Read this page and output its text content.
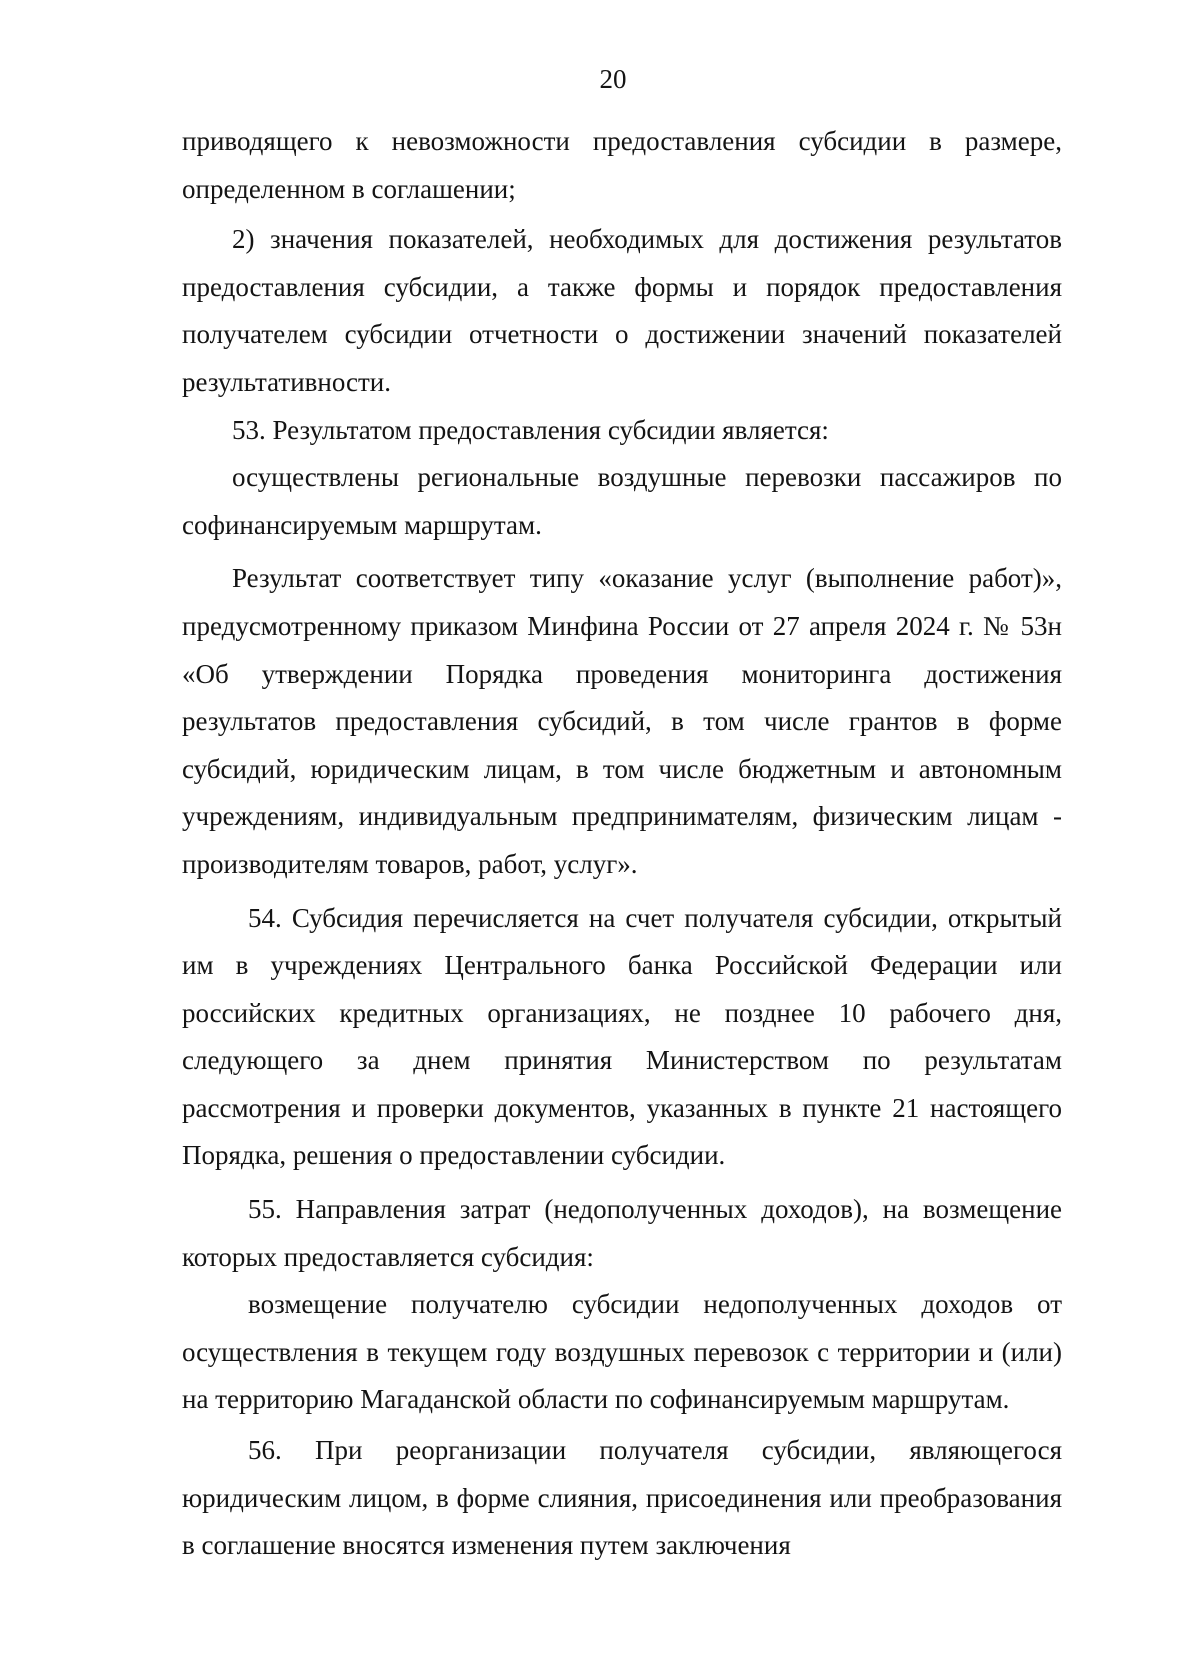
20

приводящего к невозможности предоставления субсидии в размере, определенном в соглашении;

2) значения показателей, необходимых для достижения результатов предоставления субсидии, а также формы и порядок предоставления получателем субсидии отчетности о достижении значений показателей результативности.

53. Результатом предоставления субсидии является:

осуществлены региональные воздушные перевозки пассажиров по софинансируемым маршрутам.

Результат соответствует типу «оказание услуг (выполнение работ)», предусмотренному приказом Минфина России от 27 апреля 2024 г. № 53н «Об утверждении Порядка проведения мониторинга достижения результатов предоставления субсидий, в том числе грантов в форме субсидий, юридическим лицам, в том числе бюджетным и автономным учреждениям, индивидуальным предпринимателям, физическим лицам - производителям товаров, работ, услуг».

54. Субсидия перечисляется на счет получателя субсидии, открытый им в учреждениях Центрального банка Российской Федерации или российских кредитных организациях, не позднее 10 рабочего дня, следующего за днем принятия Министерством по результатам рассмотрения и проверки документов, указанных в пункте 21 настоящего Порядка, решения о предоставлении субсидии.

55. Направления затрат (недополученных доходов), на возмещение которых предоставляется субсидия:

возмещение получателю субсидии недополученных доходов от осуществления в текущем году воздушных перевозок с территории и (или) на территорию Магаданской области по софинансируемым маршрутам.

56. При реорганизации получателя субсидии, являющегося юридическим лицом, в форме слияния, присоединения или преобразования в соглашение вносятся изменения путем заключения
